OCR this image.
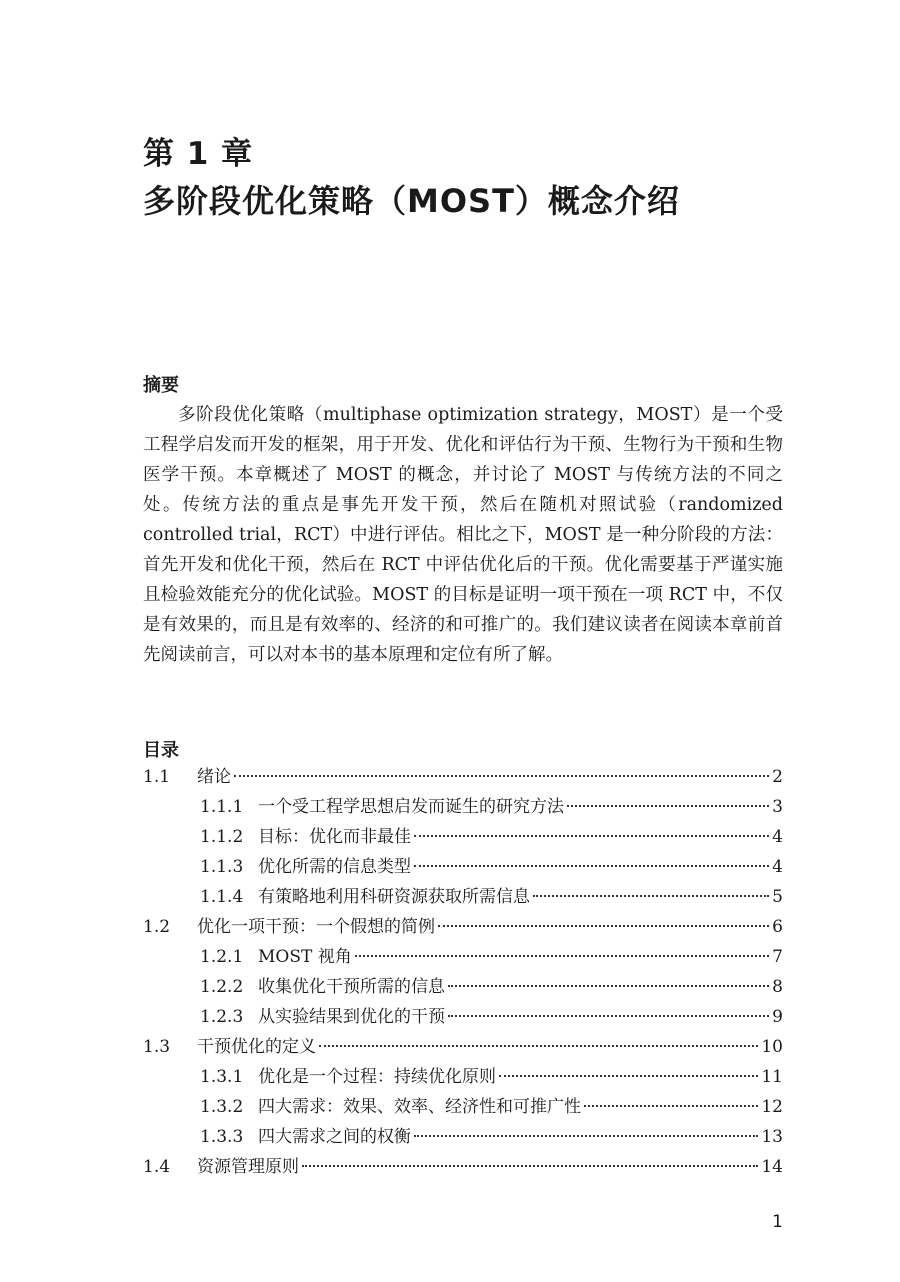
第 1 章
多阶段优化策略（MOST）概念介绍
摘要

多阶段优化策略（multiphase optimization strategy，MOST）是一个受工程学启发而开发的框架，用于开发、优化和评估行为干预、生物行为干预和生物医学干预。本章概述了 MOST 的概念，并讨论了 MOST 与传统方法的不同之处。传统方法的重点是事先开发干预，然后在随机对照试验（randomized controlled trial，RCT）中进行评估。相比之下，MOST 是一种分阶段的方法：首先开发和优化干预，然后在 RCT 中评估优化后的干预。优化需要基于严谨实施且检验效能充分的优化试验。MOST 的目标是证明一项干预在一项 RCT 中，不仅是有效果的，而且是有效率的、经济的和可推广的。我们建议读者在阅读本章前首先阅读前言，可以对本书的基本原理和定位有所了解。

目录
1.1	绪论	2
1.1.1 一个受工程学思想启发而诞生的研究方法	3
1.1.2 目标：优化而非最佳	4
1.1.3 优化所需的信息类型	4
1.1.4 有策略地利用科研资源获取所需信息	5
1.2	优化一项干预：一个假想的简例	6
1.2.1 MOST 视角	7
1.2.2 收集优化干预所需的信息	8
1.2.3 从实验结果到优化的干预	9
1.3	干预优化的定义	10
1.3.1 优化是一个过程：持续优化原则	11
1.3.2 四大需求：效果、效率、经济性和可推广性	12
1.3.3 四大需求之间的权衡	13
1.4	资源管理原则	14
1
